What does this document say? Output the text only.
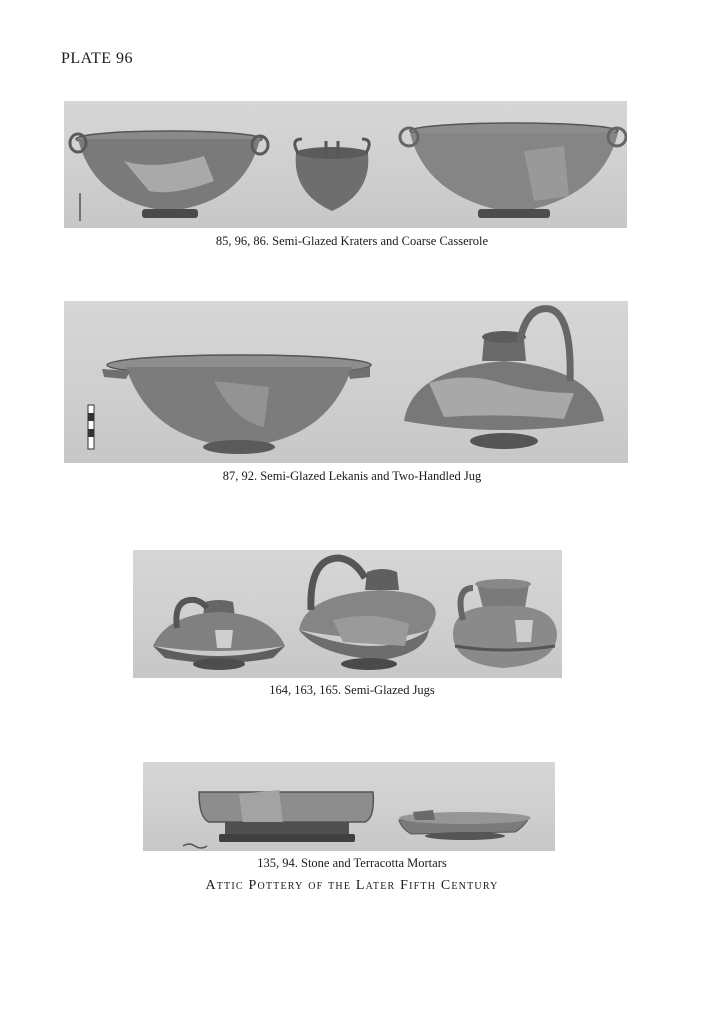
PLATE 96
85, 96, 86. Semi-Glazed Kraters and Coarse Casserole
87, 92. Semi-Glazed Lekanis and Two-Handled Jug
164, 163, 165. Semi-Glazed Jugs
135, 94. Stone and Terracotta Mortars
Attic Pottery of the Later Fifth Century
